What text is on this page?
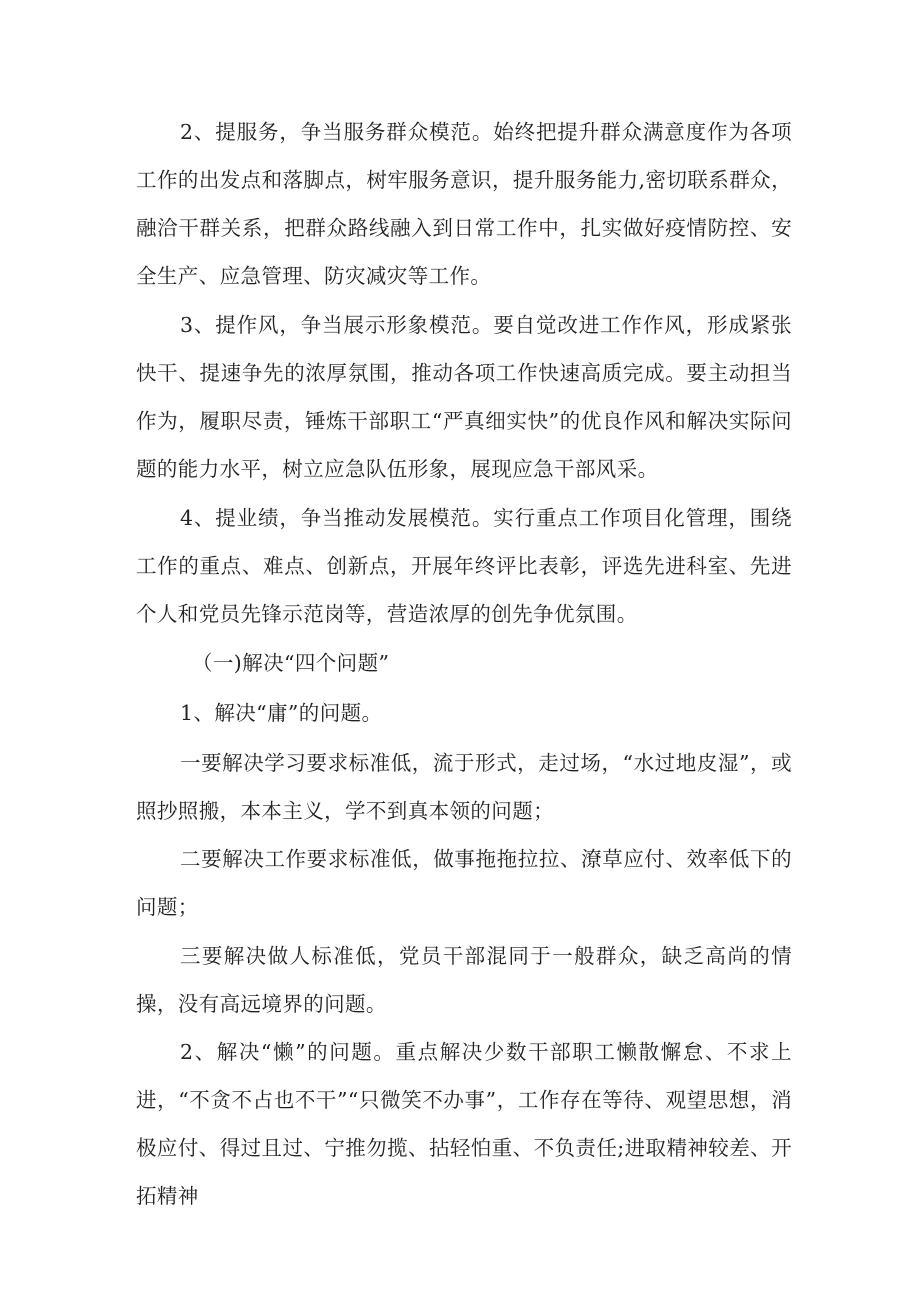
2、提服务，争当服务群众模范。始终把提升群众满意度作为各项工作的出发点和落脚点，树牢服务意识，提升服务能力,密切联系群众，融洽干群关系，把群众路线融入到日常工作中，扎实做好疫情防控、安全生产、应急管理、防灾减灾等工作。

3、提作风，争当展示形象模范。要自觉改进工作作风，形成紧张快干、提速争先的浓厚氛围，推动各项工作快速高质完成。要主动担当作为，履职尽责，锤炼干部职工“严真细实快”的优良作风和解决实际问题的能力水平，树立应急队伍形象，展现应急干部风采。

4、提业绩，争当推动发展模范。实行重点工作项目化管理，围绕工作的重点、难点、创新点，开展年终评比表彰，评选先进科室、先进个人和党员先锋示范岗等，营造浓厚的创先争优氛围。

（一)解决“四个问题”

1、解决“庸”的问题。

一要解决学习要求标准低，流于形式，走过场，“水过地皮湿”，或照抄照搬，本本主义，学不到真本领的问题；

二要解决工作要求标准低，做事拖拖拉拉、潦草应付、效率低下的问题；

三要解决做人标准低，党员干部混同于一般群众，缺乏高尚的情操，没有高远境界的问题。

2、解决“懒”的问题。重点解决少数干部职工懒散懈怠、不求上进，“不贪不占也不干”“只微笑不办事”，工作存在等待、观望思想，消极应付、得过且过、宁推勿揽、拈轻怕重、不负责任;进取精神较差、开拓精神
